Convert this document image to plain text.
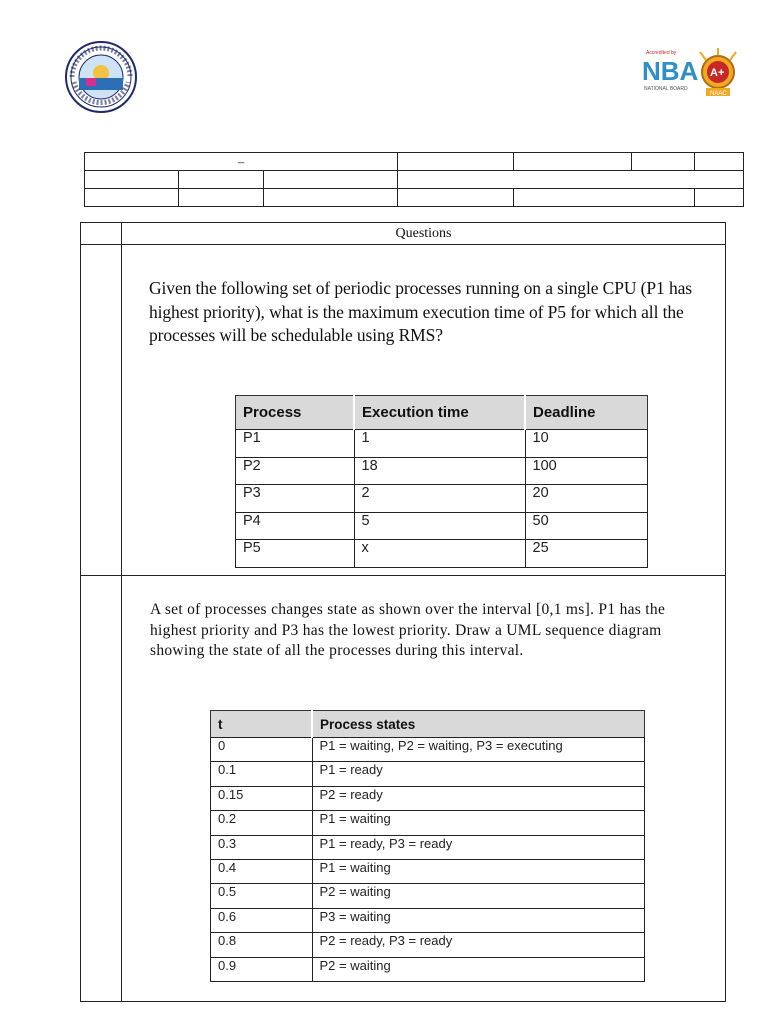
Accredited by
NBA
NATIONAL BOARD
A+
NAAC
–						

	Questions

Given the following set of periodic processes running on a single CPU (P1 has highest priority), what is the maximum execution time of P5 for which all the processes will be schedulable using RMS?
Process	Execution time	Deadline
P1	1	10
P2	18	100
P3	2	20
P4	5	50
P5	x	25

A set of processes changes state as shown over the interval [0,1 ms]. P1 has the highest priority and P3 has the lowest priority. Draw a UML sequence diagram showing the state of all the processes during this interval.
t	Process states
0	P1 = waiting, P2 = waiting, P3 = executing
0.1	P1 = ready
0.15	P2 = ready
0.2	P1 = waiting
0.3	P1 = ready, P3 = ready
0.4	P1 = waiting
0.5	P2 = waiting
0.6	P3 = waiting
0.8	P2 = ready, P3 = ready
0.9	P2 = waiting
